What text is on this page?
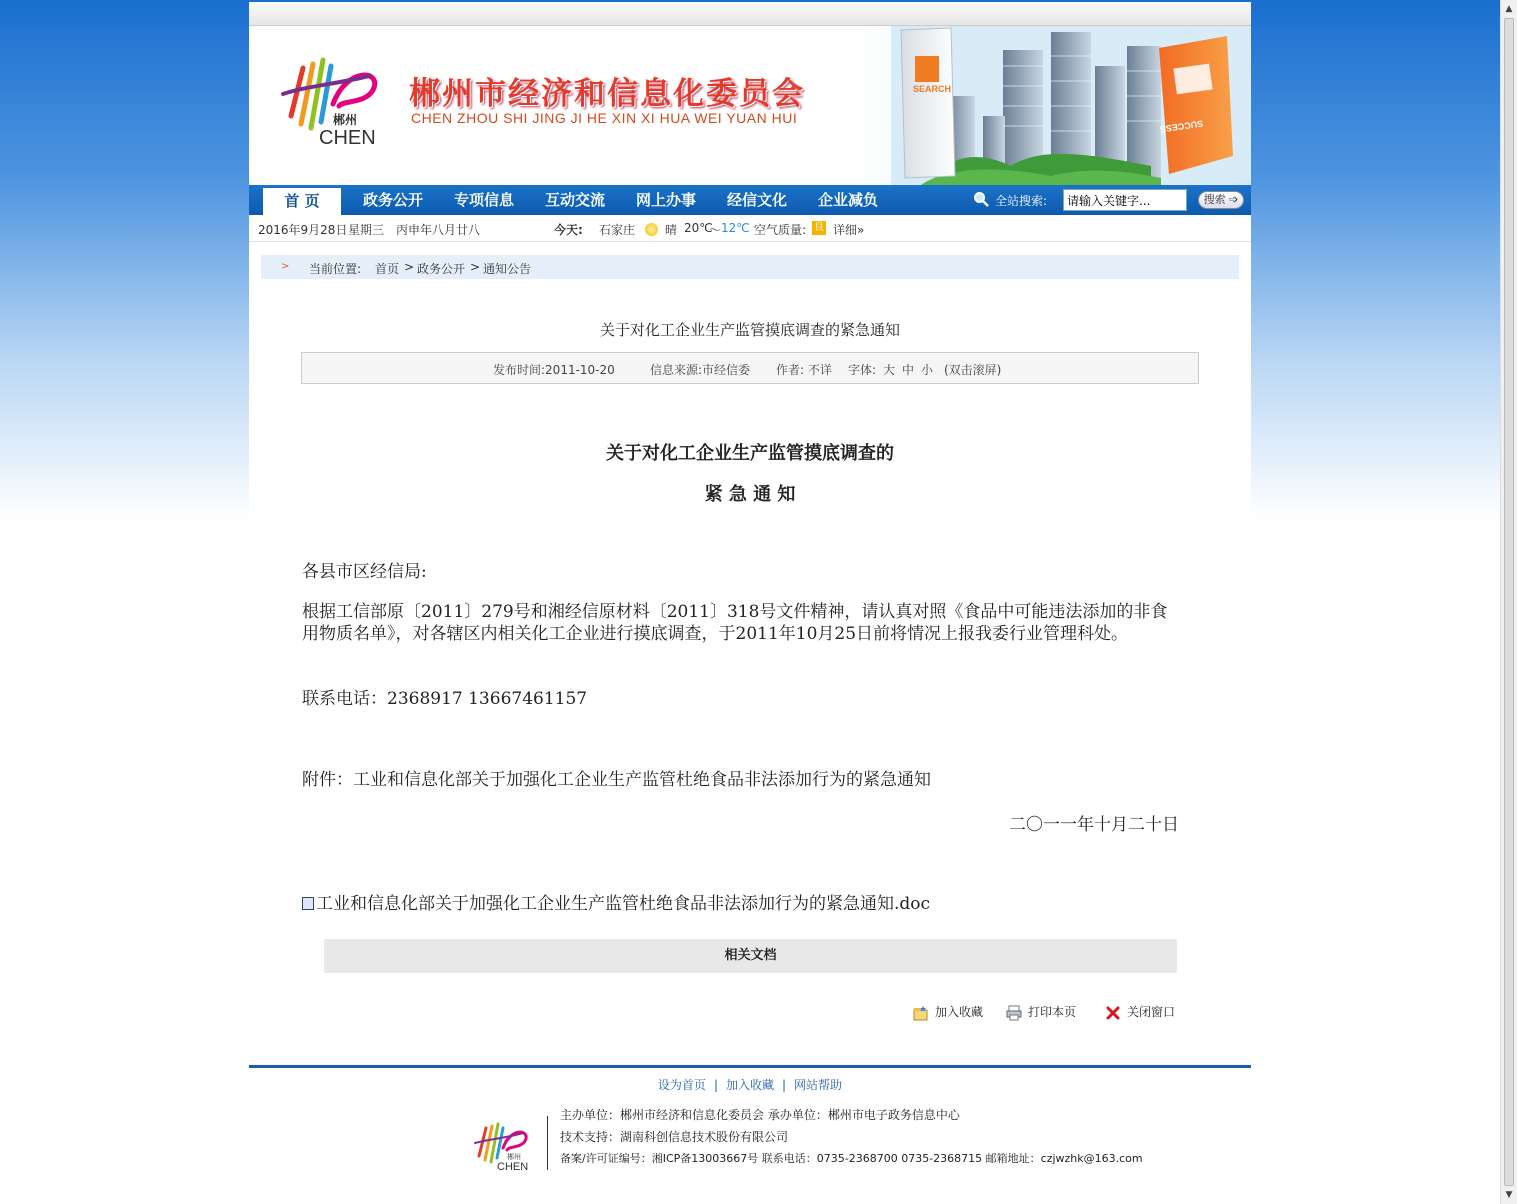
▲
▼
郴州
CHEN
郴州市经济和信息化委员会
CHEN ZHOU SHI JING JI HE XIN XI HUA WEI YUAN HUI
SEARCH
SUCCESS
首 页	政务公开	专项信息	互动交流	网上办事	经信文化	企业减负	全站搜索:
请输入关键字...	搜索 ➩
2016年9月28日 星期三 丙申年八月廿八	今天: 石家庄 晴 20℃
～ 12℃ 空气质量: 良 详细»
> 当前位置: 首页 > 政务公开 > 通知公告
关于对化工企业生产监管摸底调查的紧急通知
发布时间:2011-10-20	信息来源:市经信委 作者: 不详 字体: 大 中 小 (双击滚屏)
关于对化工企业生产监管摸底调查的
紧 急 通 知
各县市区经信局:
根据工信部原〔2011〕279号和湘经信原材料〔2011〕318号文件精神，请认真对照《食品中可能违法添加的非食用物质名单》，对各辖区内相关化工企业进行摸底调查，于2011年10月25日前将情况上报我委行业管理科处。
联系电话：2368917 13667461157
附件：工业和信息化部关于加强化工企业生产监管杜绝食品非法添加行为的紧急通知
二〇一一年十月二十日
工业和信息化部关于加强化工企业生产监管杜绝食品非法添加行为的紧急通知.doc
相关文档
加入收藏	打印本页	关闭窗口
设为首页 | 加入收藏 | 网站帮助
郴州
CHEN
主办单位：郴州市经济和信息化委员会 承办单位：郴州市电子政务信息中心
技术支持：湖南科创信息技术股份有限公司
备案/许可证编号：湘ICP备13003667号 联系电话：0735-2368700 0735-2368715 邮箱地址：czjwzhk@163.com
